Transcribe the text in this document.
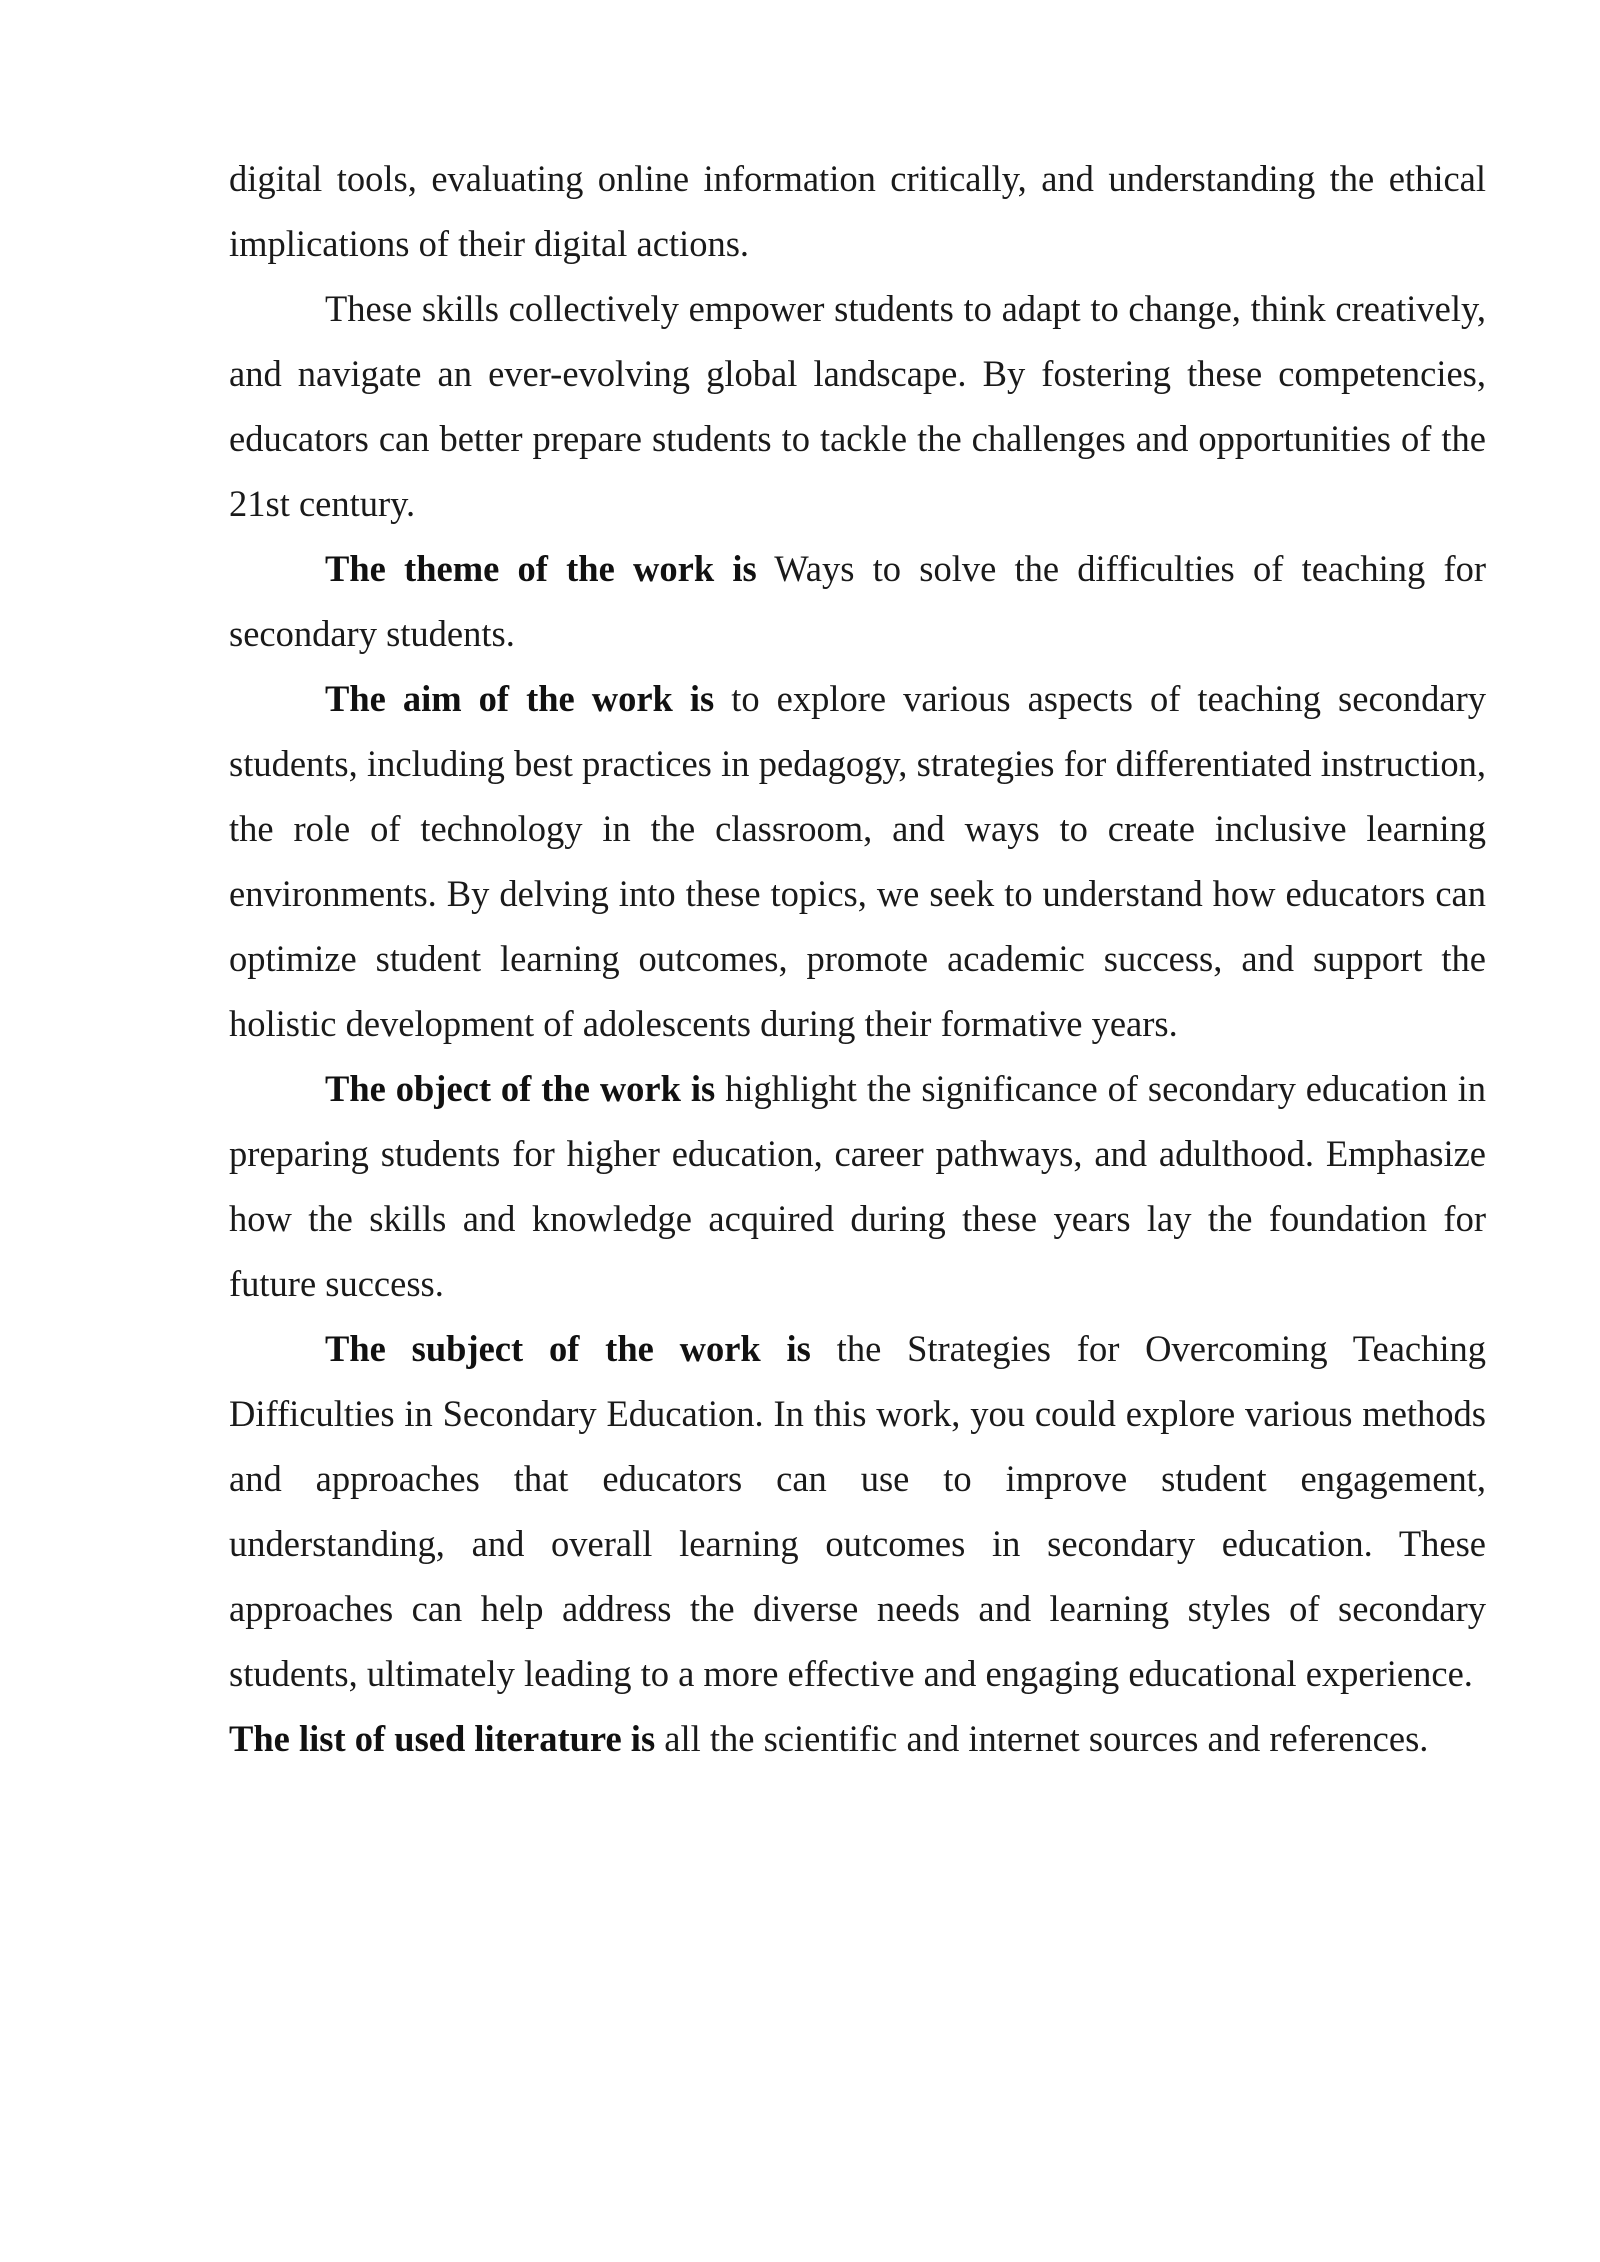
digital tools, evaluating online information critically, and understanding the ethical implications of their digital actions.

These skills collectively empower students to adapt to change, think creatively, and navigate an ever-evolving global landscape. By fostering these competencies, educators can better prepare students to tackle the challenges and opportunities of the 21st century.

The theme of the work is Ways to solve the difficulties of teaching for secondary students.

The aim of the work is to explore various aspects of teaching secondary students, including best practices in pedagogy, strategies for differentiated instruction, the role of technology in the classroom, and ways to create inclusive learning environments. By delving into these topics, we seek to understand how educators can optimize student learning outcomes, promote academic success, and support the holistic development of adolescents during their formative years.

The object of the work is highlight the significance of secondary education in preparing students for higher education, career pathways, and adulthood. Emphasize how the skills and knowledge acquired during these years lay the foundation for future success.

The subject of the work is the Strategies for Overcoming Teaching Difficulties in Secondary Education. In this work, you could explore various methods and approaches that educators can use to improve student engagement, understanding, and overall learning outcomes in secondary education. These approaches can help address the diverse needs and learning styles of secondary students, ultimately leading to a more effective and engaging educational experience.

The list of used literature is all the scientific and internet sources and references.
